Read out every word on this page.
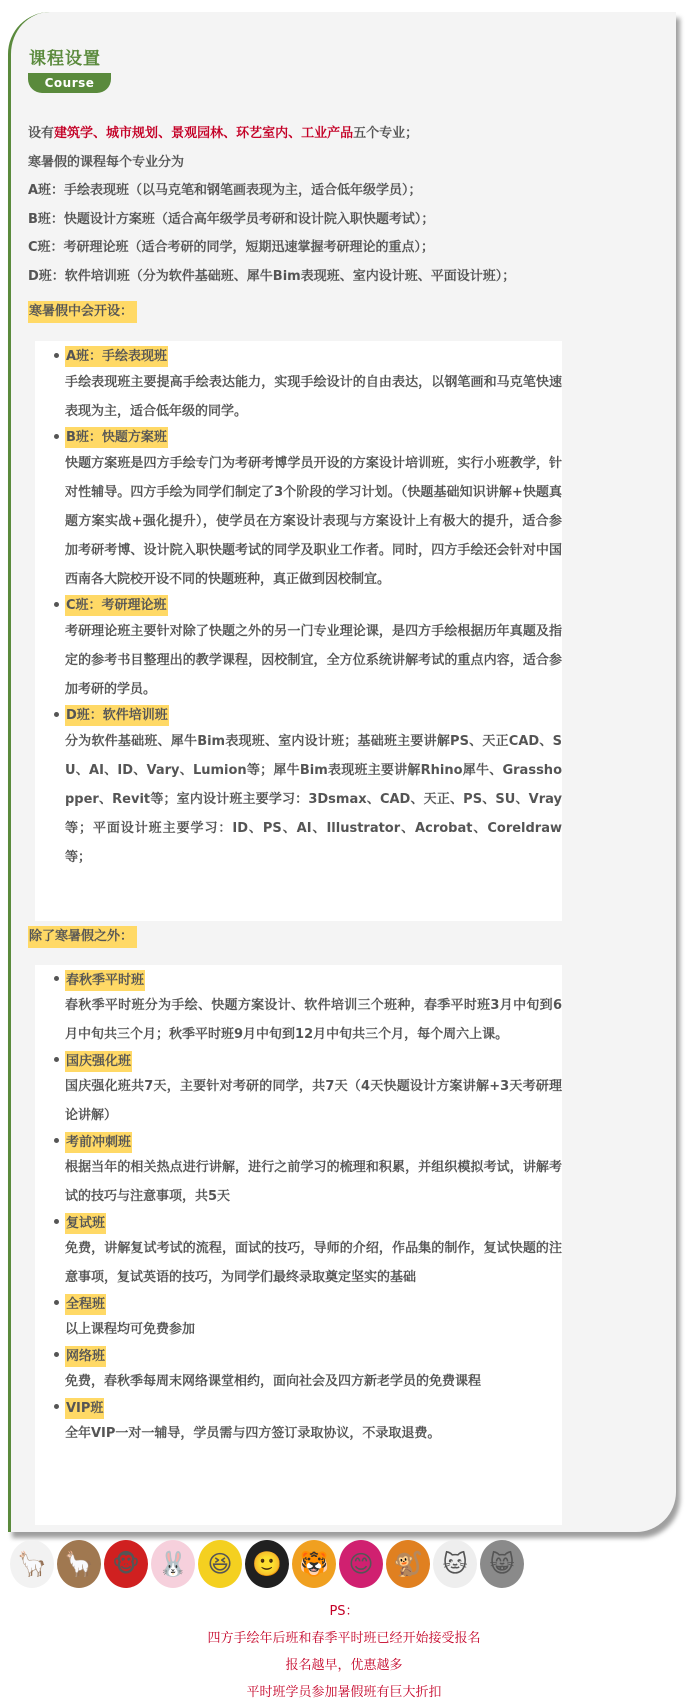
课程设置
Course

设有建筑学、城市规划、景观园林、环艺室内、工业产品五个专业；

寒暑假的课程每个专业分为

A班：手绘表现班（以马克笔和钢笔画表现为主，适合低年级学员）；

B班：快题设计方案班（适合高年级学员考研和设计院入职快题考试）；

C班：考研理论班（适合考研的同学，短期迅速掌握考研理论的重点）；

D班：软件培训班（分为软件基础班、犀牛Bim表现班、室内设计班、平面设计班）；

寒暑假中会开设：
A班：手绘表现班

手绘表现班主要提高手绘表达能力，实现手绘设计的自由表达，以钢笔画和马克笔快速表现为主，适合低年级的同学。

B班：快题方案班

快题方案班是四方手绘专门为考研考博学员开设的方案设计培训班，实行小班教学，针对性辅导。四方手绘为同学们制定了3个阶段的学习计划。（快题基础知识讲解+快题真题方案实战+强化提升），使学员在方案设计表现与方案设计上有极大的提升，适合参加考研考博、设计院入职快题考试的同学及职业工作者。同时，四方手绘还会针对中国西南各大院校开设不同的快题班种，真正做到因校制宜。

C班：考研理论班

考研理论班主要针对除了快题之外的另一门专业理论课，是四方手绘根据历年真题及指定的参考书目整理出的教学课程，因校制宜，全方位系统讲解考试的重点内容，适合参加考研的学员。

D班：软件培训班

分为软件基础班、犀牛Bim表现班、室内设计班；基础班主要讲解PS、天正CAD、SU、AI、ID、Vary、Lumion等；犀牛Bim表现班主要讲解Rhino犀牛、Grasshopper、Revit等；室内设计班主要学习：3Dsmax、CAD、天正、PS、SU、Vray等；平面设计班主要学习：ID、PS、AI、Illustrator、Acrobat、Coreldraw等；

除了寒暑假之外：
春秋季平时班

春秋季平时班分为手绘、快题方案设计、软件培训三个班种，春季平时班3月中旬到6月中旬共三个月；秋季平时班9月中旬到12月中旬共三个月，每个周六上课。

国庆强化班

国庆强化班共7天，主要针对考研的同学，共7天（4天快题设计方案讲解+3天考研理论讲解）

考前冲刺班

根据当年的相关热点进行讲解，进行之前学习的梳理和积累，并组织模拟考试，讲解考试的技巧与注意事项，共5天

复试班

免费，讲解复试考试的流程，面试的技巧，导师的介绍，作品集的制作，复试快题的注意事项，复试英语的技巧，为同学们最终录取奠定坚实的基础

全程班

以上课程均可免费参加

网络班

免费，春秋季每周末网络课堂相约，面向社会及四方新老学员的免费课程

VIP班

全年VIP一对一辅导，学员需与四方签订录取协议，不录取退费。

🦙 🦙 🐵 🐰 😆 🙂 🐯 😊 🐒 🐱 😸

PS：

四方手绘年后班和春季平时班已经开始接受报名

报名越早，优惠越多

平时班学员参加暑假班有巨大折扣
